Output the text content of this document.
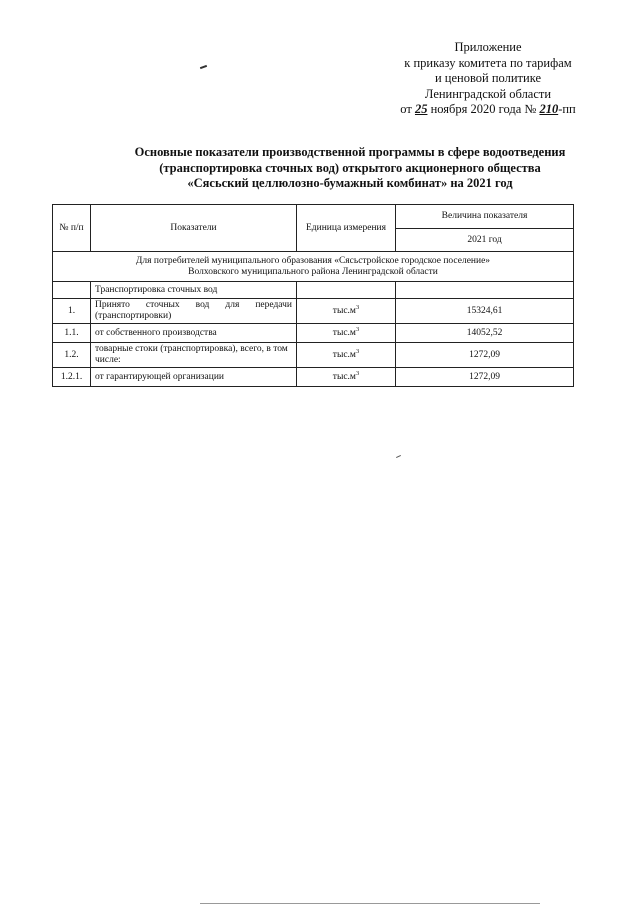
Приложение
к приказу комитета по тарифам
и ценовой политике
Ленинградской области
от 25 ноября 2020 года № 210-пп
Основные показатели производственной программы в сфере водоотведения
(транспортировка сточных вод) открытого акционерного общества
«Сясьский целлюлозно-бумажный комбинат» на 2021 год
№ п/п	Показатели	Единица измерения	Величина показателя
			2021 год

Для потребителей муниципального образования «Сясьстройское городское поселение»
Волховского муниципального района Ленинградской области			

	Транспортировка сточных вод		
1.	Принято сточных вод для передачи (транспортировки)	$тыс.м^3$	15324,61
1.1.	от собственного производства	$тыс.м^3$	14052,52
1.2.	товарные стоки (транспортировка), всего, в том числе:	$тыс.м^3$	1272,09
1.2.1.	от гарантирующей организации	$тыс.м^3$	1272,09
